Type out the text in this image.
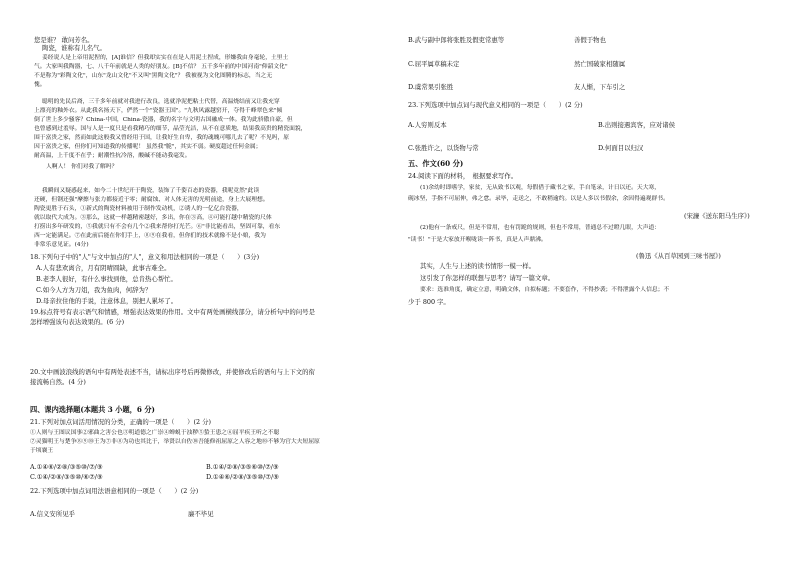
您是谁？ 敢问芳名。
陶瓷，谁称有儿名气。
姜经说人是上帝用泥捏的，[A]谁信？但我却实实在在是人用泥土捏成，形嫌我由身毫轮，土里土
气。大家叫我陶器，七、八千年前就是人类的好朋友。[B]不信？ 五千多年前的中国河南"仰韶文化"
不是称为"彩陶文化"，山东"龙山文化"不又叫"黑陶文化"？ 我被视为文化图腾的标志，当之无
愧。
聪明的先民后裔，三千多年前就对我进行改良，选就净泥把粘土代替，高温烧结前又让我充穿
上漂亮的釉外衣。从此我名扬天下，俨然一个"瓷器王国"。"九秋风露越窑开，夺得千峰翠色来"倾
倒了世上多少骚客？China-中国，China-瓷器，我的名字与文明古国融成一体。我为此骄傲自豪，但
也曾感到过羞辱。国与人是一度只是看我精巧的细节，晶莹光洁，从不在意质地，结果我高贵的精瓷面貌，
围于富贵之家，然而如此这般我又曾经用于国，让我好生自卑，我的魂魄可哪儿去了呢？不见吗，原
因于富贵之家，但你们可知道我的传播呢！ 虽然我"脆"，其实不弱。硬度超过任何金属；
耐高温，上千度不在乎；耐潮性抗冷溶，酸碱不能动我毫发。
人啊人！ 你们对我了解吗？
我瞬间又疑惑起来，如今二十世纪开于陶瓷，装饰了千姿百态的瓷器，我呢竟然"此读
还硬，但钢还强"摩擦与张力都接近于零；耐腐蚀、对人体无害的光明前途，身上大展理想。
陶瓷更胜于石头，①新式的陶瓷材料被用于制作发动机，②诱人的一亿亿台瓷器，
就以取代大成为。③那么，这就一样越精密越好，多出，你在③高，④可能打越中精瓷的尺体
打捞出多年研发的，⑤我就只有不会有几个②我来帮你打光芒。⑥"非比能看出，坚固可靠，看东
西一定能满足。⑦在此前后能在你们手上，⑧⑨在我看，但你们的技术就像不是小娘，我为
非常乐意见证。(4分)
18.下列句子中的"人"与文中加点的"人"，意义和用法相同的一项是（　　）(3分)
A.人有悲欢离合，月有阴晴圆缺，此事古难全。
B.老李人很好，有什么事找到他，总肯热心帮忙。
C.如今人方为刀俎，我为鱼肉，何辞为？
D.母亲拉住他的手说，注意体息，别把人累坏了。
19.标点符号有表示语气和情感，增强表达效果的作用。文中有两处画横线部分，请分析句中的问号是
怎样增强该句表达效果的。(6 分)
20.文中画波浪线的语句中有两处表述不当，请标出序号后再微修改，并使修改后的语句与上下文的衔
接流畅自然。(4 分)
四、课内选择题(本题共 3 小题，6 分)
21.下列对加点词活用情况的分类，正确的一项是（　　）(2 分)
①人则与王图议国事②邪曲之害公也③明道德之广崇④蝉蜕于浊秽⑤蛰王患之⑥屈平疾王听之不聪
⑦灵猫明王与楚争⑧⑨⑩王为⑦非⑧为功也其比于，举贤以自佐⑩吾能修祖屈原之人容之地⑩不够为官大夫短屈原
于顷襄王
A.①④⑥/②⑧/③⑤⑩/⑦/⑨	B.①④/②⑧/③⑤⑥⑩/⑦/⑨
C.①④/②⑧/③⑤⑩/⑥⑦/⑨	D.①④⑥/②⑧/③⑤⑩/⑦/⑨
22.下列选项中加点词用法语意相同的一项是（　　）(2 分)
A.信义安所见乎	廉不毕见
B.武与副中郎将张胜及假吏常惠等	善假于物也
C.屈平属草稿未定	然亡国破家相随属
D.虞常果引张胜	友人惭，下车引之
23.下列选项中加点词与现代意义相同的一项是（　　）(2 分)
A.人穷则反本	B.出则接遇宾客，应对诸侯
C.张胜许之，以货物与常	D.何面目以归汉
五、作文(60 分)
24.阅读下面的材料，　根据要求写作。
(1)余幼时即嗜学，家贫，无从致书以观，每假借于藏书之家，手自笔录，计日以还。天大寒，
砚冰坚，手指不可屈伸，弗之怠。录毕，走送之，不敢稍逾约。以是人多以书假余，余因得遍观群书。
(宋濂《送东阳马生序》)
(2)他有一条戒尺，但是不常用，也有罚跪的规则，但也不常用，普通总不过瞪几眼，大声道：
"读书！"于是大家放开喉咙读一阵书，真是人声鼎沸。
(鲁迅《从百草园到三味书屋》)
其实，人生与上述的读书情形一模一样。
这引发了你怎样的联想与思考？请写一篇文章。
要求：选准角度，确定立意，明确文体，自拟标题；不要套作，不得抄袭；不得泄露个人信息；不
少于 800 字。
